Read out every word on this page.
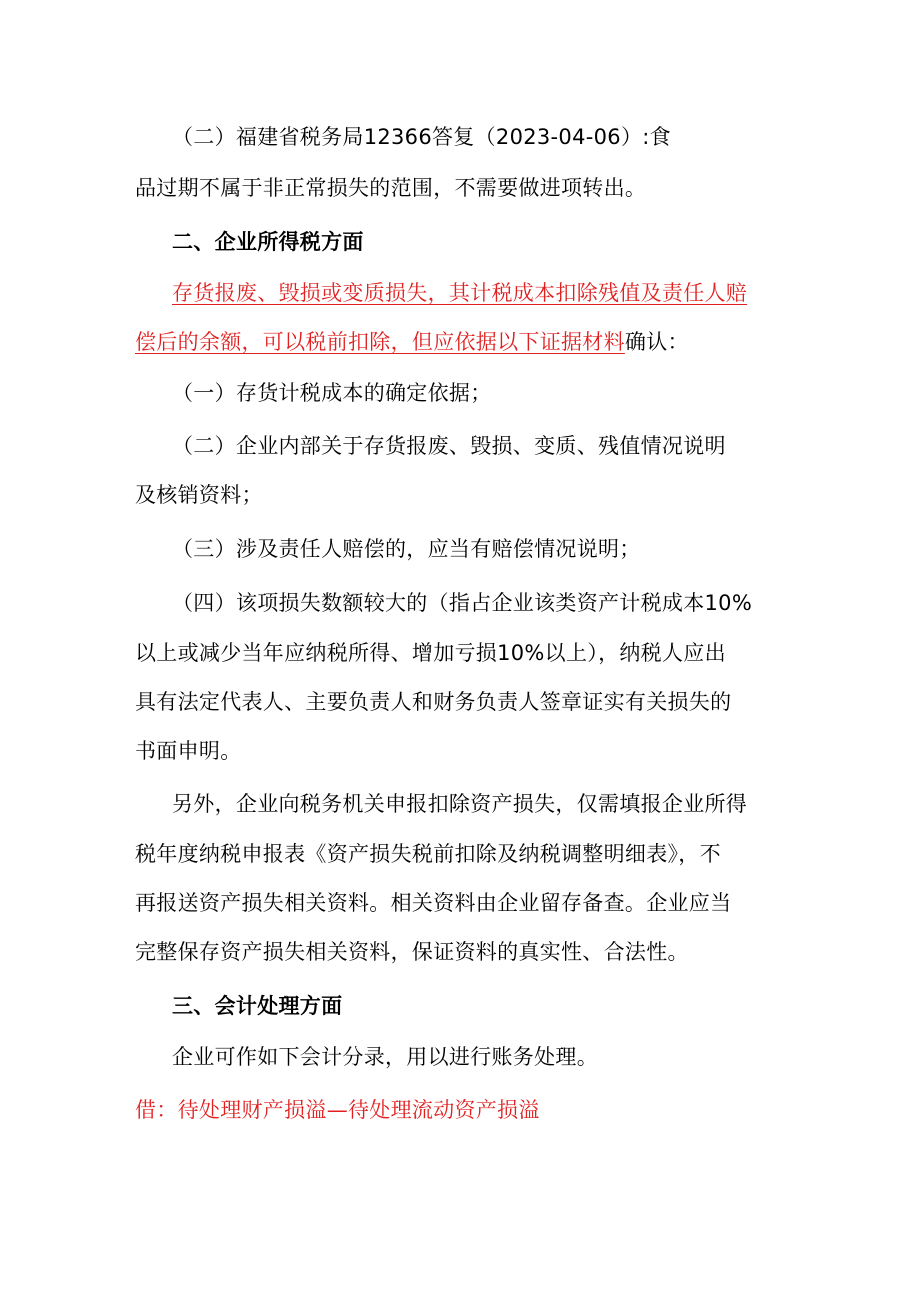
（二）福建省税务局12366答复（2023-04-06）:食
品过期不属于非正常损失的范围，不需要做进项转出。
二、企业所得税方面
存货报废、毁损或变质损失，其计税成本扣除残值及责任人赔
偿后的余额，可以税前扣除，但应依据以下证据材料确认：
（一）存货计税成本的确定依据；
（二）企业内部关于存货报废、毁损、变质、残值情况说明
及核销资料；
（三）涉及责任人赔偿的，应当有赔偿情况说明；
（四）该项损失数额较大的（指占企业该类资产计税成本10%
以上或减少当年应纳税所得、增加亏损10%以上），纳税人应出
具有法定代表人、主要负责人和财务负责人签章证实有关损失的
书面申明。
另外，企业向税务机关申报扣除资产损失，仅需填报企业所得
税年度纳税申报表《资产损失税前扣除及纳税调整明细表》，不
再报送资产损失相关资料。相关资料由企业留存备查。企业应当
完整保存资产损失相关资料，保证资料的真实性、合法性。
三、会计处理方面
企业可作如下会计分录，用以进行账务处理。
借：待处理财产损溢—待处理流动资产损溢
